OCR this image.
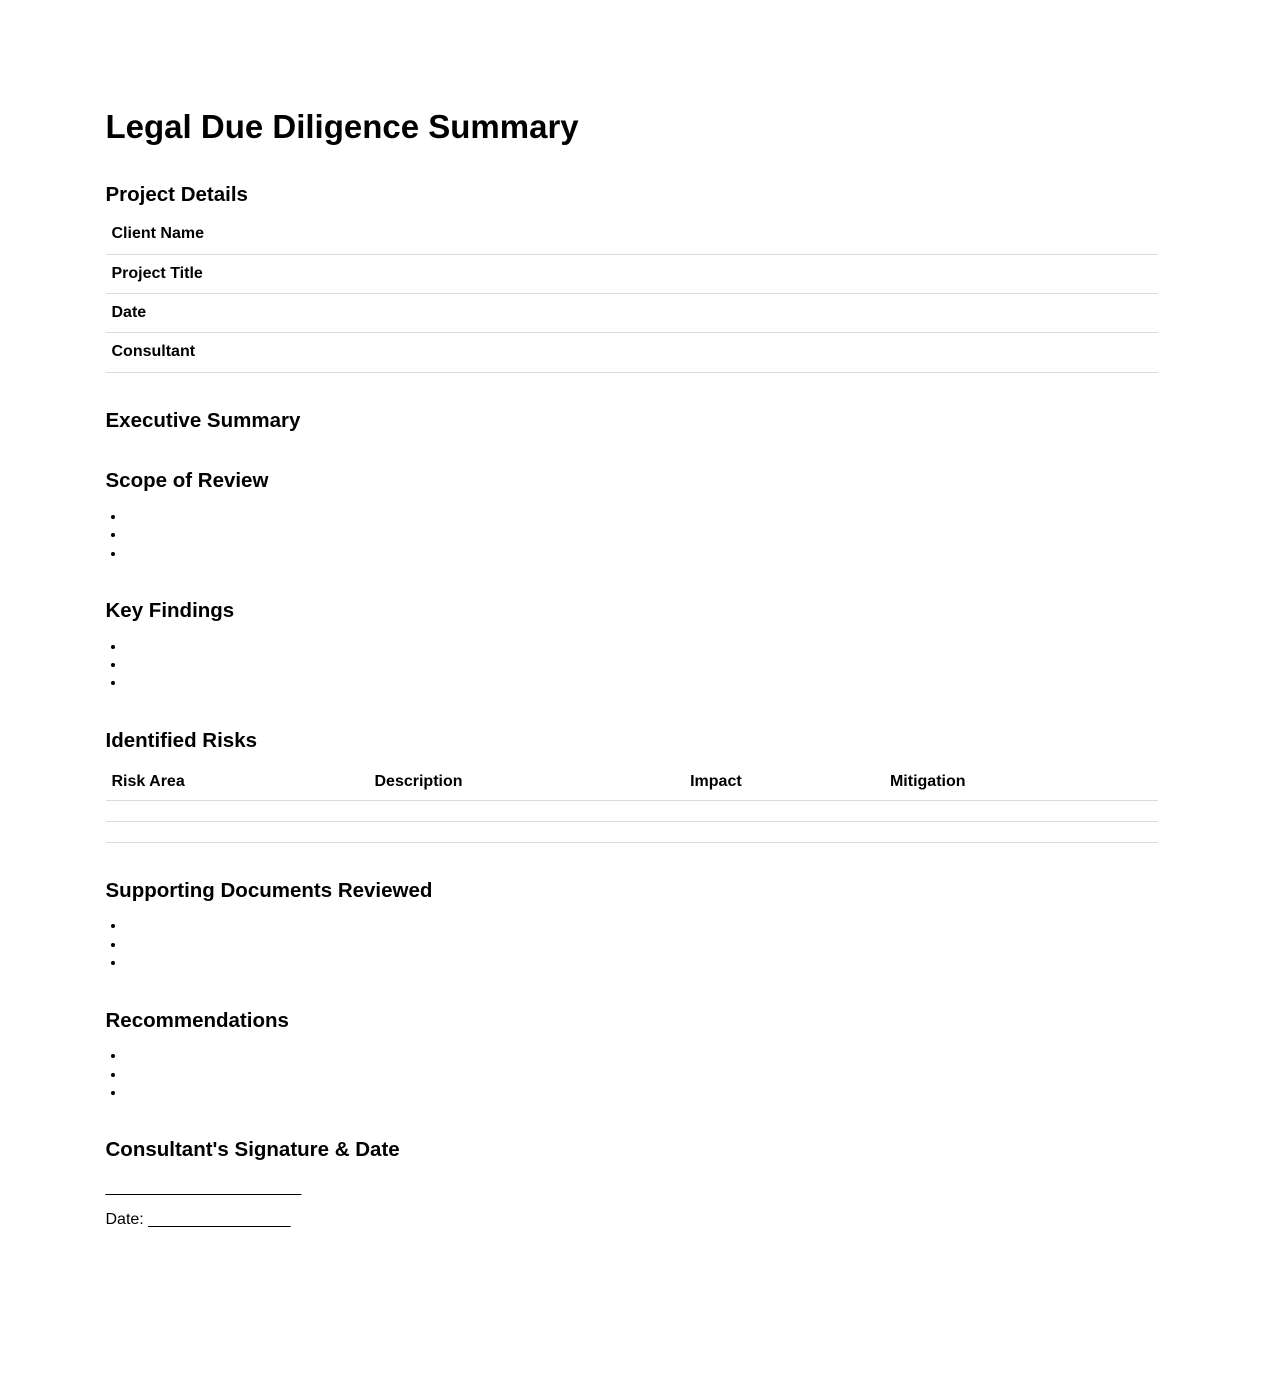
Legal Due Diligence Summary
Project Details
Client Name	
Project Title	
Date	
Consultant	
Executive Summary
Scope of Review
•
•
•
Key Findings
•
•
•
Identified Risks
Risk Area	Description	Impact	Mitigation

Supporting Documents Reviewed
•
•
•
Recommendations
•
•
•
Consultant's Signature & Date

______________________

Date: ________________
